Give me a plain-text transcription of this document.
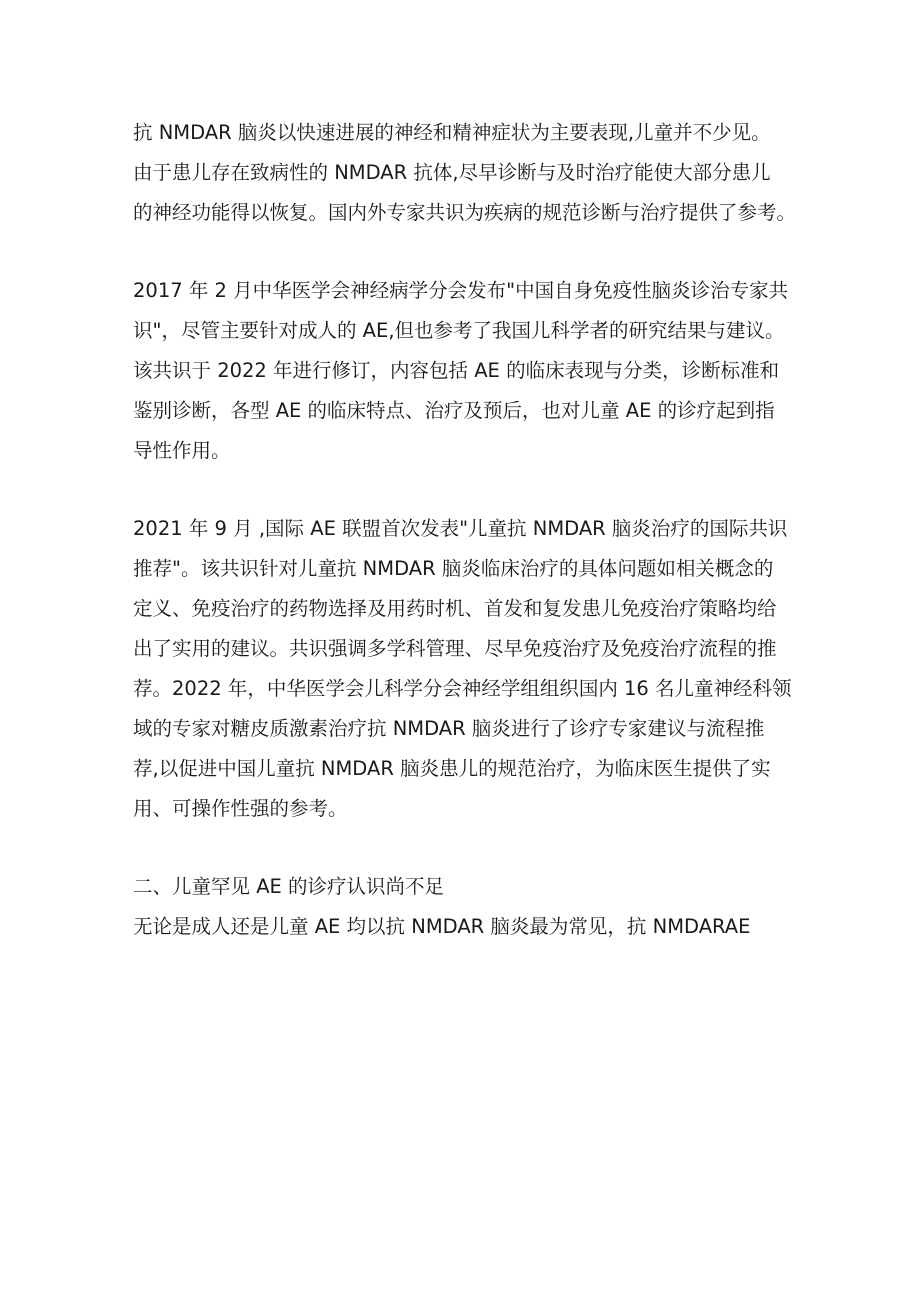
抗 NMDAR 脑炎以快速进展的神经和精神症状为主要表现,儿童并不少见。
由于患儿存在致病性的 NMDAR 抗体,尽早诊断与及时治疗能使大部分患儿
的神经功能得以恢复。国内外专家共识为疾病的规范诊断与治疗提供了参考。
2017 年 2 月中华医学会神经病学分会发布"中国自身免疫性脑炎诊治专家共
识"，尽管主要针对成人的 AE,但也参考了我国儿科学者的研究结果与建议。
该共识于 2022 年进行修订，内容包括 AE 的临床表现与分类，诊断标准和
鉴别诊断，各型 AE 的临床特点、治疗及预后，也对儿童 AE 的诊疗起到指
导性作用。
2021 年 9 月 ,国际 AE 联盟首次发表"儿童抗 NMDAR 脑炎治疗的国际共识
推荐"。该共识针对儿童抗 NMDAR 脑炎临床治疗的具体问题如相关概念的
定义、免疫治疗的药物选择及用药时机、首发和复发患儿免疫治疗策略均给
出了实用的建议。共识强调多学科管理、尽早免疫治疗及免疫治疗流程的推
荐。2022 年，中华医学会儿科学分会神经学组组织国内 16 名儿童神经科领
域的专家对糖皮质激素治疗抗 NMDAR 脑炎进行了诊疗专家建议与流程推
荐,以促进中国儿童抗 NMDAR 脑炎患儿的规范治疗，为临床医生提供了实
用、可操作性强的参考。
二、儿童罕见 AE 的诊疗认识尚不足
无论是成人还是儿童 AE 均以抗 NMDAR 脑炎最为常见，抗 NMDARAE
